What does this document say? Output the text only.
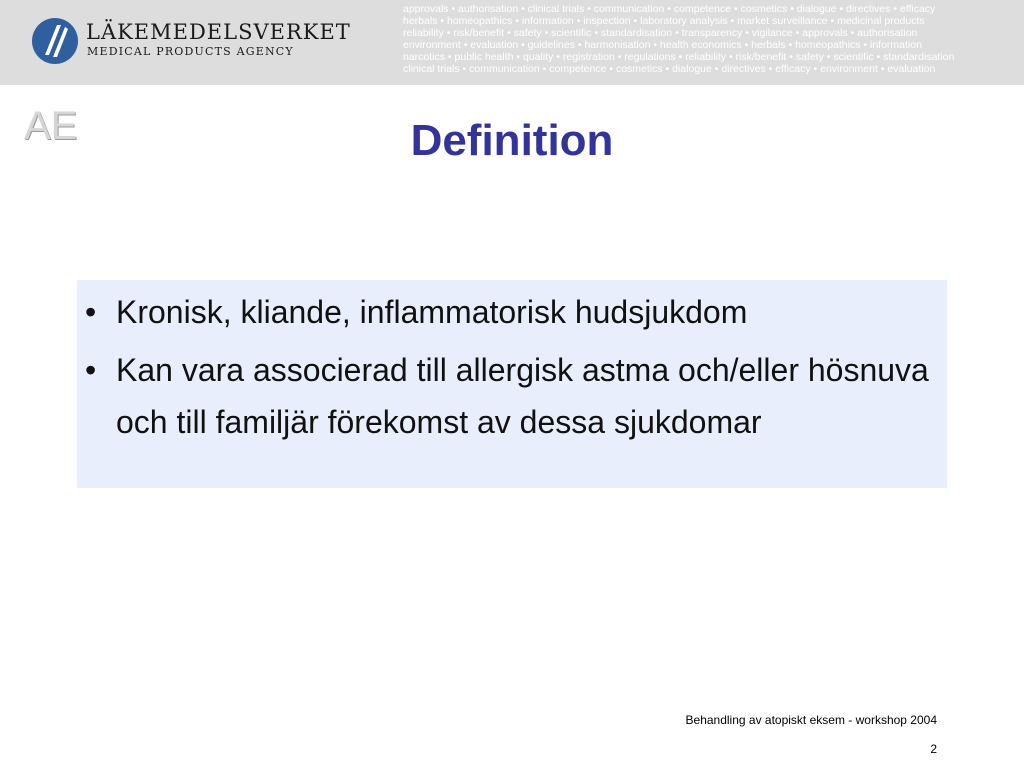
LÄKEMEDELSVERKET
MEDICAL PRODUCTS AGENCY
approvals • authorisation • clinical trials • communication • competence • cosmetics • dialogue • directives • efficacy
herbals • homeopathics • information • inspection • laboratory analysis • market surveillance • medicinal products
reliability • risk/benefit • safety • scientific • standardisation • transparency • vigilance • approvals • authorisation
environment • evaluation • guidelines • harmonisation • health economics • herbals • homeopathics • information
narcotics • public health • quality • registration • regulations • reliability • risk/benefit • safety • scientific • standardisation
clinical trials • communication • competence • cosmetics • dialogue • directives • efficacy • environment • evaluation
AE	Definition
• Kronisk, kliande, inflammatorisk hudsjukdom
• Kan vara associerad till allergisk astma och/eller hösnuva och till familjär förekomst av dessa sjukdomar
Behandling av atopiskt eksem - workshop 2004
2
